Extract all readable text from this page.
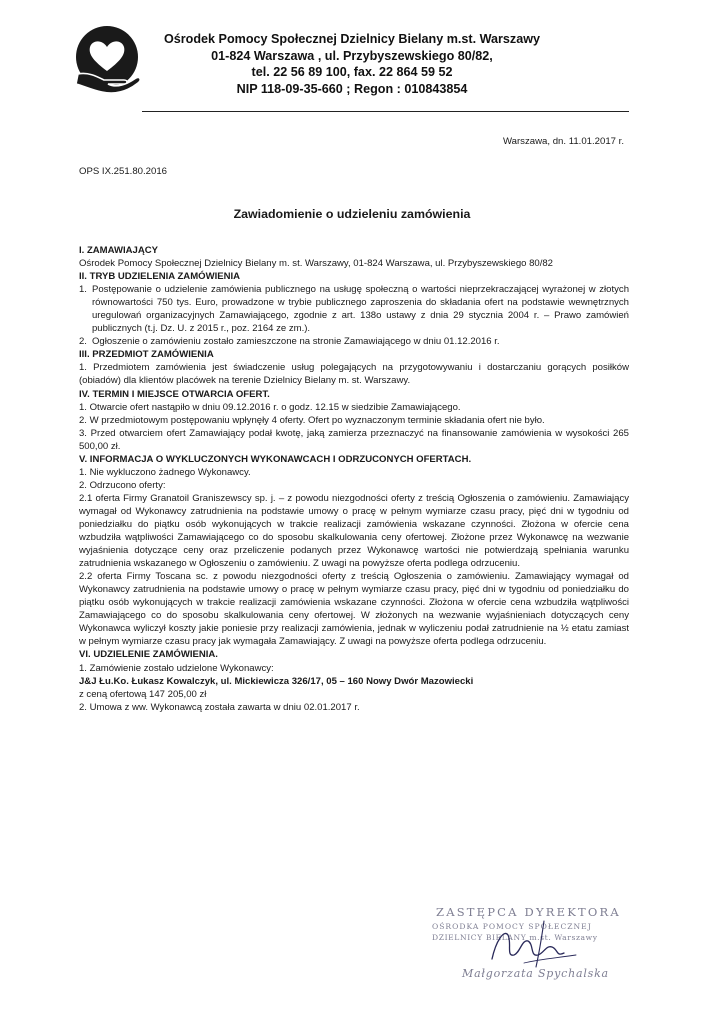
Ośrodek Pomocy Społecznej Dzielnicy Bielany m.st. Warszawy
01-824 Warszawa , ul. Przybyszewskiego 80/82,
tel. 22 56 89 100, fax. 22 864 59 52
NIP 118-09-35-660 ; Regon : 010843854
Warszawa, dn. 11.01.2017 r.
OPS IX.251.80.2016
Zawiadomienie o udzieleniu zamówienia

I. ZAMAWIAJĄCY

Ośrodek Pomocy Społecznej Dzielnicy Bielany m. st. Warszawy, 01-824 Warszawa, ul. Przybyszewskiego 80/82

II. TRYB UDZIELENIA ZAMÓWIENIA

1. Postępowanie o udzielenie zamówienia publicznego na usługę społeczną o wartości nieprzekraczającej wyrażonej w złotych równowartości 750 tys. Euro, prowadzone w trybie publicznego zaproszenia do składania ofert na podstawie wewnętrznych uregulowań organizacyjnych Zamawiającego, zgodnie z art. 138o ustawy z dnia 29 stycznia 2004 r. – Prawo zamówień publicznych (t.j. Dz. U. z 2015 r., poz. 2164 ze zm.).
2. Ogłoszenie o zamówieniu zostało zamieszczone na stronie Zamawiającego w dniu 01.12.2016 r.

III. PRZEDMIOT ZAMÓWIENIA

1. Przedmiotem zamówienia jest świadczenie usług polegających na przygotowywaniu i dostarczaniu gorących posiłków (obiadów) dla klientów placówek na terenie Dzielnicy Bielany m. st. Warszawy.

IV. TERMIN I MIEJSCE OTWARCIA OFERT.

1. Otwarcie ofert nastąpiło w dniu 09.12.2016 r. o godz. 12.15 w siedzibie Zamawiającego.

2. W przedmiotowym postępowaniu wpłynęły 4 oferty. Ofert po wyznaczonym terminie składania ofert nie było.

3. Przed otwarciem ofert Zamawiający podał kwotę, jaką zamierza przeznaczyć na finansowanie zamówienia w wysokości 265 500,00 zł.

V. INFORMACJA O WYKLUCZONYCH WYKONAWCACH I ODRZUCONYCH OFERTACH.

1. Nie wykluczono żadnego Wykonawcy.

2. Odrzucono oferty:

2.1 oferta Firmy Granatoil Graniszewscy sp. j. – z powodu niezgodności oferty z treścią Ogłoszenia o zamówieniu. Zamawiający wymagał od Wykonawcy zatrudnienia na podstawie umowy o pracę w pełnym wymiarze czasu pracy, pięć dni w tygodniu od poniedziałku do piątku osób wykonujących w trakcie realizacji zamówienia wskazane czynności. Złożona w ofercie cena wzbudziła wątpliwości Zamawiającego co do sposobu skalkulowania ceny ofertowej. Złożone przez Wykonawcę na wezwanie wyjaśnienia dotyczące ceny oraz przeliczenie podanych przez Wykonawcę wartości nie potwierdzają spełniania warunku zatrudnienia wskazanego w Ogłoszeniu o zamówieniu. Z uwagi na powyższe oferta podlega odrzuceniu.

2.2 oferta Firmy Toscana sc. z powodu niezgodności oferty z treścią Ogłoszenia o zamówieniu. Zamawiający wymagał od Wykonawcy zatrudnienia na podstawie umowy o pracę w pełnym wymiarze czasu pracy, pięć dni w tygodniu od poniedziałku do piątku osób wykonujących w trakcie realizacji zamówienia wskazane czynności. Złożona w ofercie cena wzbudziła wątpliwości Zamawiającego co do sposobu skalkulowania ceny ofertowej. W złożonych na wezwanie wyjaśnieniach dotyczących ceny Wykonawca wyliczył koszty jakie poniesie przy realizacji zamówienia, jednak w wyliczeniu podał zatrudnienie na ½ etatu zamiast w pełnym wymiarze czasu pracy jak wymagała Zamawiający. Z uwagi na powyższe oferta podlega odrzuceniu.

VI. UDZIELENIE ZAMÓWIENIA.

1. Zamówienie zostało udzielone Wykonawcy:

J&J Łu.Ko. Łukasz Kowalczyk, ul. Mickiewicza 326/17, 05 – 160 Nowy Dwór Mazowiecki

z ceną ofertową 147 205,00 zł

2. Umowa z ww. Wykonawcą została zawarta w dniu 02.01.2017 r.

ZASTĘPCA DYREKTORA
OŚRODKA POMOCY SPOŁECZNEJ
DZIELNICY BIELANY m.st. Warszawy
Małgorzata Spychalska
